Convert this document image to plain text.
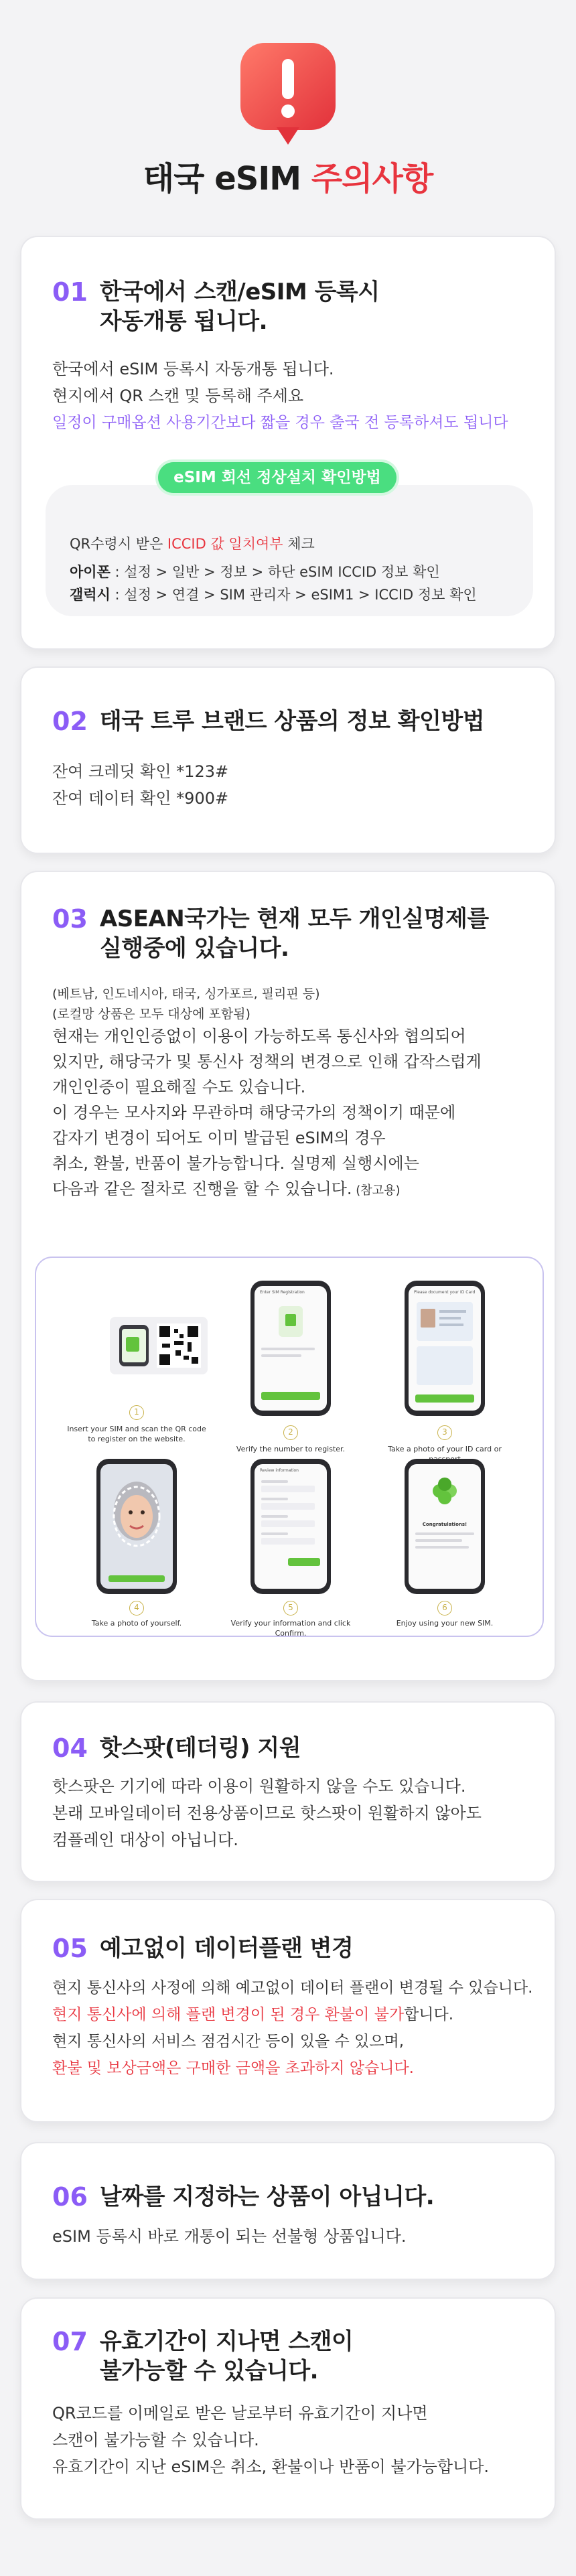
태국 eSIM 주의사항
01 한국에서 스캔/eSIM 등록시
자동개통 됩니다.
한국에서 eSIM 등록시 자동개통 됩니다.
현지에서 QR 스캔 및 등록해 주세요
일정이 구매옵션 사용기간보다 짧을 경우 출국 전 등록하셔도 됩니다
QR수령시 받은 ICCID 값 일치여부 체크
아이폰 : 설정 > 일반 > 정보 > 하단 eSIM ICCID 정보 확인
갤럭시 : 설정 > 연결 > SIM 관리자 > eSIM1 > ICCID 정보 확인
eSIM 회선 정상설치 확인방법
02 태국 트루 브랜드 상품의 정보 확인방법
잔여 크레딧 확인 *123#
잔여 데이터 확인 *900#
03 ASEAN국가는 현재 모두 개인실명제를
실행중에 있습니다.
(베트남, 인도네시아, 태국, 싱가포르, 필리핀 등)
(로컬망 상품은 모두 대상에 포함됨)
현재는 개인인증없이 이용이 가능하도록 통신사와 협의되어
있지만, 해당국가 및 통신사 정책의 변경으로 인해 갑작스럽게
개인인증이 필요해질 수도 있습니다.
이 경우는 모사지와 무관하며 해당국가의 정책이기 때문에
갑자기 변경이 되어도 이미 발급된 eSIM의 경우
취소, 환불, 반품이 불가능합니다. 실명제 실행시에는
다음과 같은 절차로 진행을 할 수 있습니다. (참고용)
1
Insert your SIM and scan the QR code to register on the website.
Enter SIM Registration
2
Verify the number to register.
Please document your ID Card
3
Take a photo of your ID card or
4
Take a photo of yourself.
Review information
5
Verify your information and click Confirm.
Congratulations!
6
Enjoy using your new SIM.
04 핫스팟(테더링) 지원
핫스팟은 기기에 따라 이용이 원활하지 않을 수도 있습니다.
본래 모바일데이터 전용상품이므로 핫스팟이 원활하지 않아도
컴플레인 대상이 아닙니다.
05 예고없이 데이터플랜 변경
현지 통신사의 사정에 의해 예고없이 데이터 플랜이 변경될 수 있습니다.
현지 통신사에 의해 플랜 변경이 된 경우 환불이 불가합니다.
현지 통신사의 서비스 점검시간 등이 있을 수 있으며,
환불 및 보상금액은 구매한 금액을 초과하지 않습니다.
06 날짜를 지정하는 상품이 아닙니다.
eSIM 등록시 바로 개통이 되는 선불형 상품입니다.
07 유효기간이 지나면 스캔이
불가능할 수 있습니다.
QR코드를 이메일로 받은 날로부터 유효기간이 지나면
스캔이 불가능할 수 있습니다.
유효기간이 지난 eSIM은 취소, 환불이나 반품이 불가능합니다.
